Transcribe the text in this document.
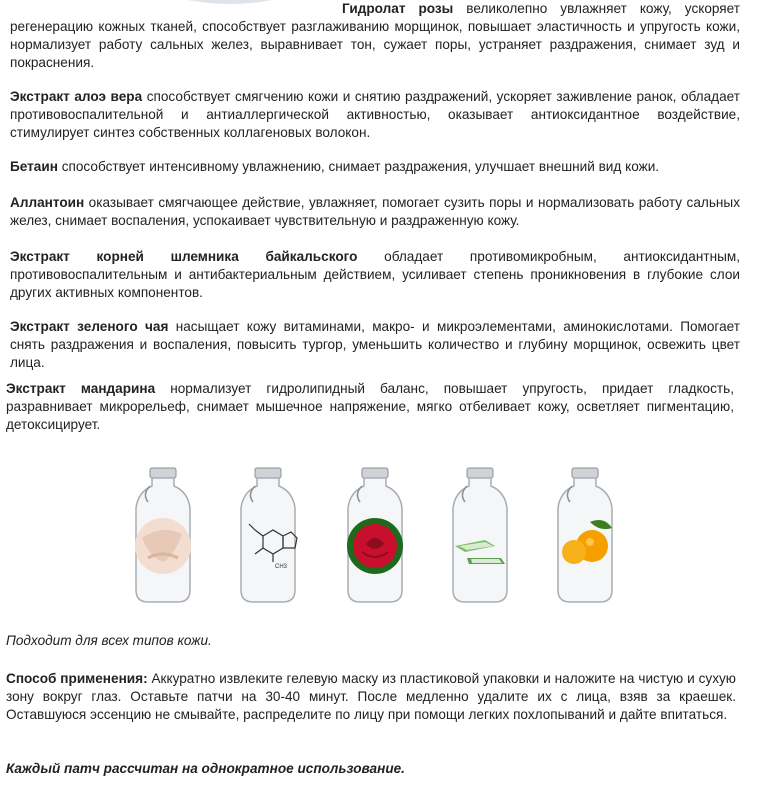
Гидролат розы великолепно увлажняет кожу, ускоряет регенерацию кожных тканей, способствует разглаживанию морщинок, повышает эластичность и упругость кожи, нормализует работу сальных желез, выравнивает тон, сужает поры, устраняет раздражения, снимает зуд и покраснения.

Экстракт алоэ вера способствует смягчению кожи и снятию раздражений, ускоряет заживление ранок, обладает противовоспалительной и антиаллергической активностью, оказывает антиоксидантное воздействие, стимулирует синтез собственных коллагеновых волокон.

Бетаин способствует интенсивному увлажнению, снимает раздражения, улучшает внешний вид кожи.

Аллантоин оказывает смягчающее действие, увлажняет, помогает сузить поры и нормализовать работу сальных желез, снимает воспаления, успокаивает чувствительную и раздраженную кожу.

Экстракт корней шлемника байкальского обладает противомикробным, антиоксидантным, противовоспалительным и антибактериальным действием, усиливает степень проникновения в глубокие слои других активных компонентов.

Экстракт зеленого чая насыщает кожу витаминами, макро- и микроэлементами, аминокислотами. Помогает снять раздражения и воспаления, повысить тургор, уменьшить количество и глубину морщинок, освежить цвет лица.

Экстракт мандарина нормализует гидролипидный баланс, повышает упругость, придает гладкость, разравнивает микрорельеф, снимает мышечное напряжение, мягко отбеливает кожу, осветляет пигментацию, детоксицирует.

CH3

Подходит для всех типов кожи.

Способ применения: Аккуратно извлеките гелевую маску из пластиковой упаковки и наложите на чистую и сухую зону вокруг глаз. Оставьте патчи на 30-40 минут. После медленно удалите их с лица, взяв за краешек. Оставшуюся эссенцию не смывайте, распределите по лицу при помощи легких похлопываний и дайте впитаться.

Каждый патч рассчитан на однократное использование.
